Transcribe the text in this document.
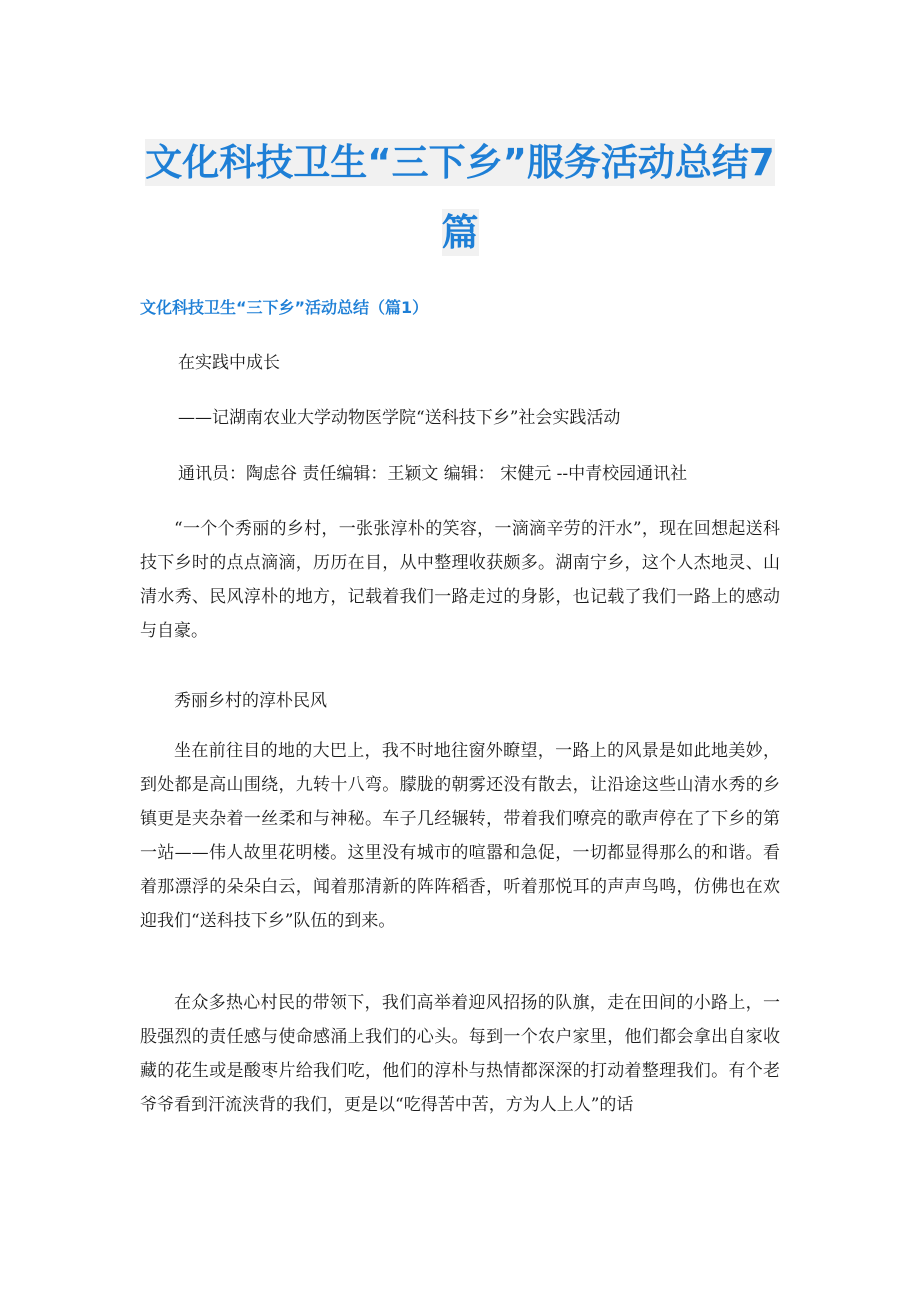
文化科技卫生“三下乡”服务活动总结7篇
文化科技卫生“三下乡”活动总结（篇1）

在实践中成长

——记湖南农业大学动物医学院“送科技下乡”社会实践活动

通讯员：陶虑谷 责任编辑：王颖文 编辑： 宋健元 --中青校园通讯社

“一个个秀丽的乡村，一张张淳朴的笑容，一滴滴辛劳的汗水”，现在回想起送科技下乡时的点点滴滴，历历在目，从中整理收获颇多。湖南宁乡，这个人杰地灵、山清水秀、民风淳朴的地方，记载着我们一路走过的身影，也记载了我们一路上的感动与自豪。

秀丽乡村的淳朴民风

坐在前往目的地的大巴上，我不时地往窗外瞭望，一路上的风景是如此地美妙，到处都是高山围绕，九转十八弯。朦胧的朝雾还没有散去，让沿途这些山清水秀的乡镇更是夹杂着一丝柔和与神秘。车子几经辗转，带着我们嘹亮的歌声停在了下乡的第一站——伟人故里花明楼。这里没有城市的喧嚣和急促，一切都显得那么的和谐。看着那漂浮的朵朵白云，闻着那清新的阵阵稻香，听着那悦耳的声声鸟鸣，仿佛也在欢迎我们“送科技下乡”队伍的到来。

在众多热心村民的带领下，我们高举着迎风招扬的队旗，走在田间的小路上，一股强烈的责任感与使命感涌上我们的心头。每到一个农户家里，他们都会拿出自家收藏的花生或是酸枣片给我们吃，他们的淳朴与热情都深深的打动着整理我们。有个老爷爷看到汗流浃背的我们，更是以“吃得苦中苦，方为人上人”的话
